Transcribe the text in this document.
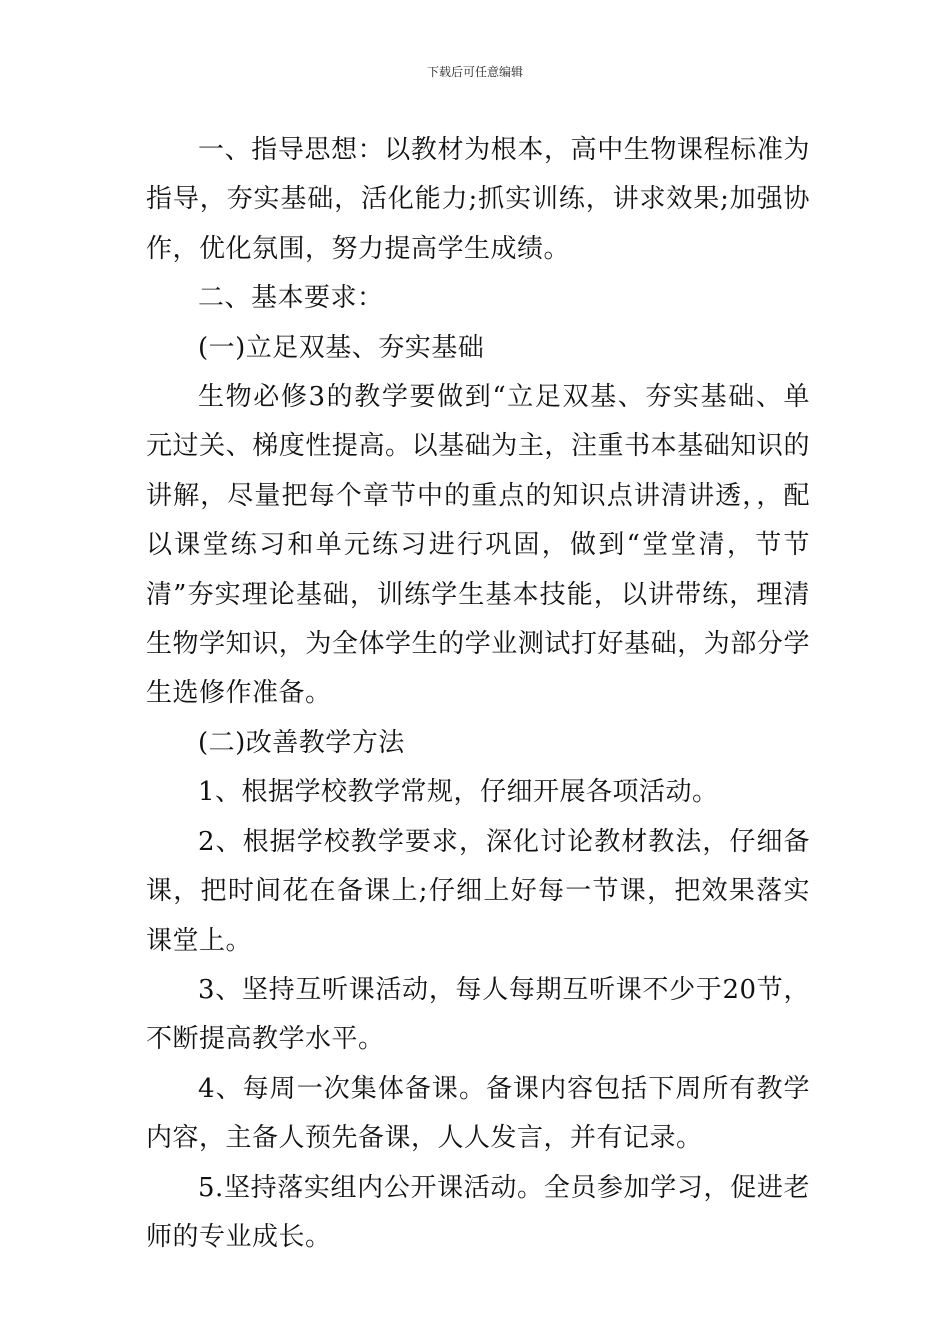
下载后可任意编辑

一、指导思想：以教材为根本，高中生物课程标准为指导，夯实基础，活化能力;抓实训练，讲求效果;加强协作，优化氛围，努力提高学生成绩。

二、基本要求：

(一)立足双基、夯实基础

生物必修3的教学要做到“立足双基、夯实基础、单元过关、梯度性提高。以基础为主，注重书本基础知识的讲解，尽量把每个章节中的重点的知识点讲清讲透，，配以课堂练习和单元练习进行巩固，做到“堂堂清，节节清”夯实理论基础，训练学生基本技能，以讲带练，理清生物学知识，为全体学生的学业测试打好基础，为部分学生选修作准备。

(二)改善教学方法

1、根据学校教学常规，仔细开展各项活动。

2、根据学校教学要求，深化讨论教材教法，仔细备课，把时间花在备课上;仔细上好每一节课，把效果落实课堂上。

3、坚持互听课活动，每人每期互听课不少于20节，不断提高教学水平。

4、每周一次集体备课。备课内容包括下周所有教学内容，主备人预先备课，人人发言，并有记录。

5.坚持落实组内公开课活动。全员参加学习，促进老师的专业成长。
